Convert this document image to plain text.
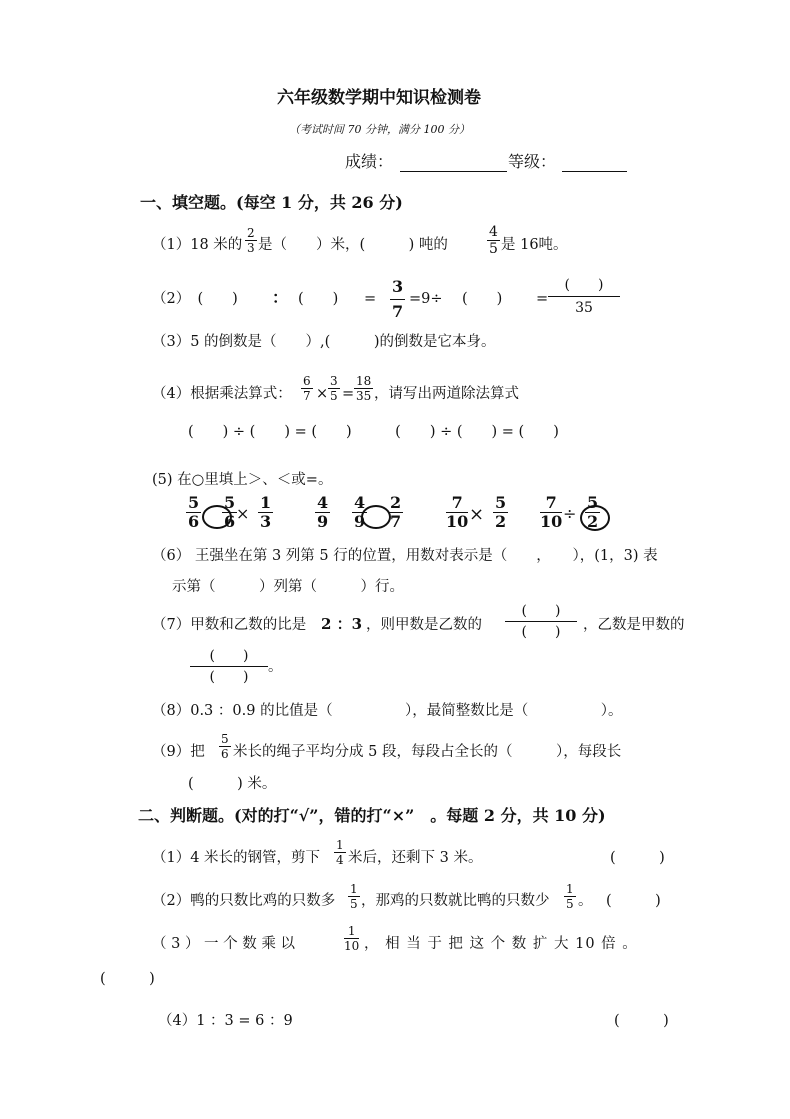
六年级数学期中知识检测卷
（考试时间 70 分钟，满分 100 分）
成绩：	等级：
一、填空题。(每空 1 分，共 26 分)
（1）18 米的
2
3 是（　　）米，(　　　) 吨的
4
5 是 16吨。
（2）　(　　) ： (　　) =
3
7
=9÷ (　　) =
(　　)
35
（3）5 的倒数是（　　）,(　　　)的倒数是它本身。
（4）根据乘法算式：
6
7 ×
3
5 =
18
35 ，请写出两道除法算式
(　　) ÷ (　　) = (　　)　　　(　　) ÷ (　　) = (　　)
(5) 在○里填上＞、＜或=。
5
6
5
6 ×
1
3
4
9
4
9
2
7
7
10 ×
5
2
7
10 ÷
5
2
（6） 王强坐在第 3 列第 5 行的位置，用数对表示是（　　，　　），(1，3) 表
示第（　　　）列第（　　　）行。
（7）甲数和乙数的比是 2 ：3 ，则甲数是乙数的
(　　)
(　　) ，乙数是甲数的
(　　)
(　　)
。
（8）0.3 ：0.9 的比值是（　　　　　），最简整数比是（　　　　　）。
（9）把
5
6 米长的绳子平均分成 5 段，每段占全长的（　　　），每段长
(　　　) 米。
二、判断题。(对的打“√”，错的打“×”　。每题 2 分，共 10 分)
（1）4 米长的钢管，剪下
1
4 米后，还剩下 3 米。	(　　　)
（2）鸭的只数比鸡的只数多
1
5 ，那鸡的只数就比鸭的只数少
1
5 。 (　　　)
（ 3 ） 一 个 数 乘 以
1
10 ， 相 当 于 把 这 个 数 扩 大 10 倍 。
(　　　)
（4）1 ：3 = 6 ：9	(　　　)
